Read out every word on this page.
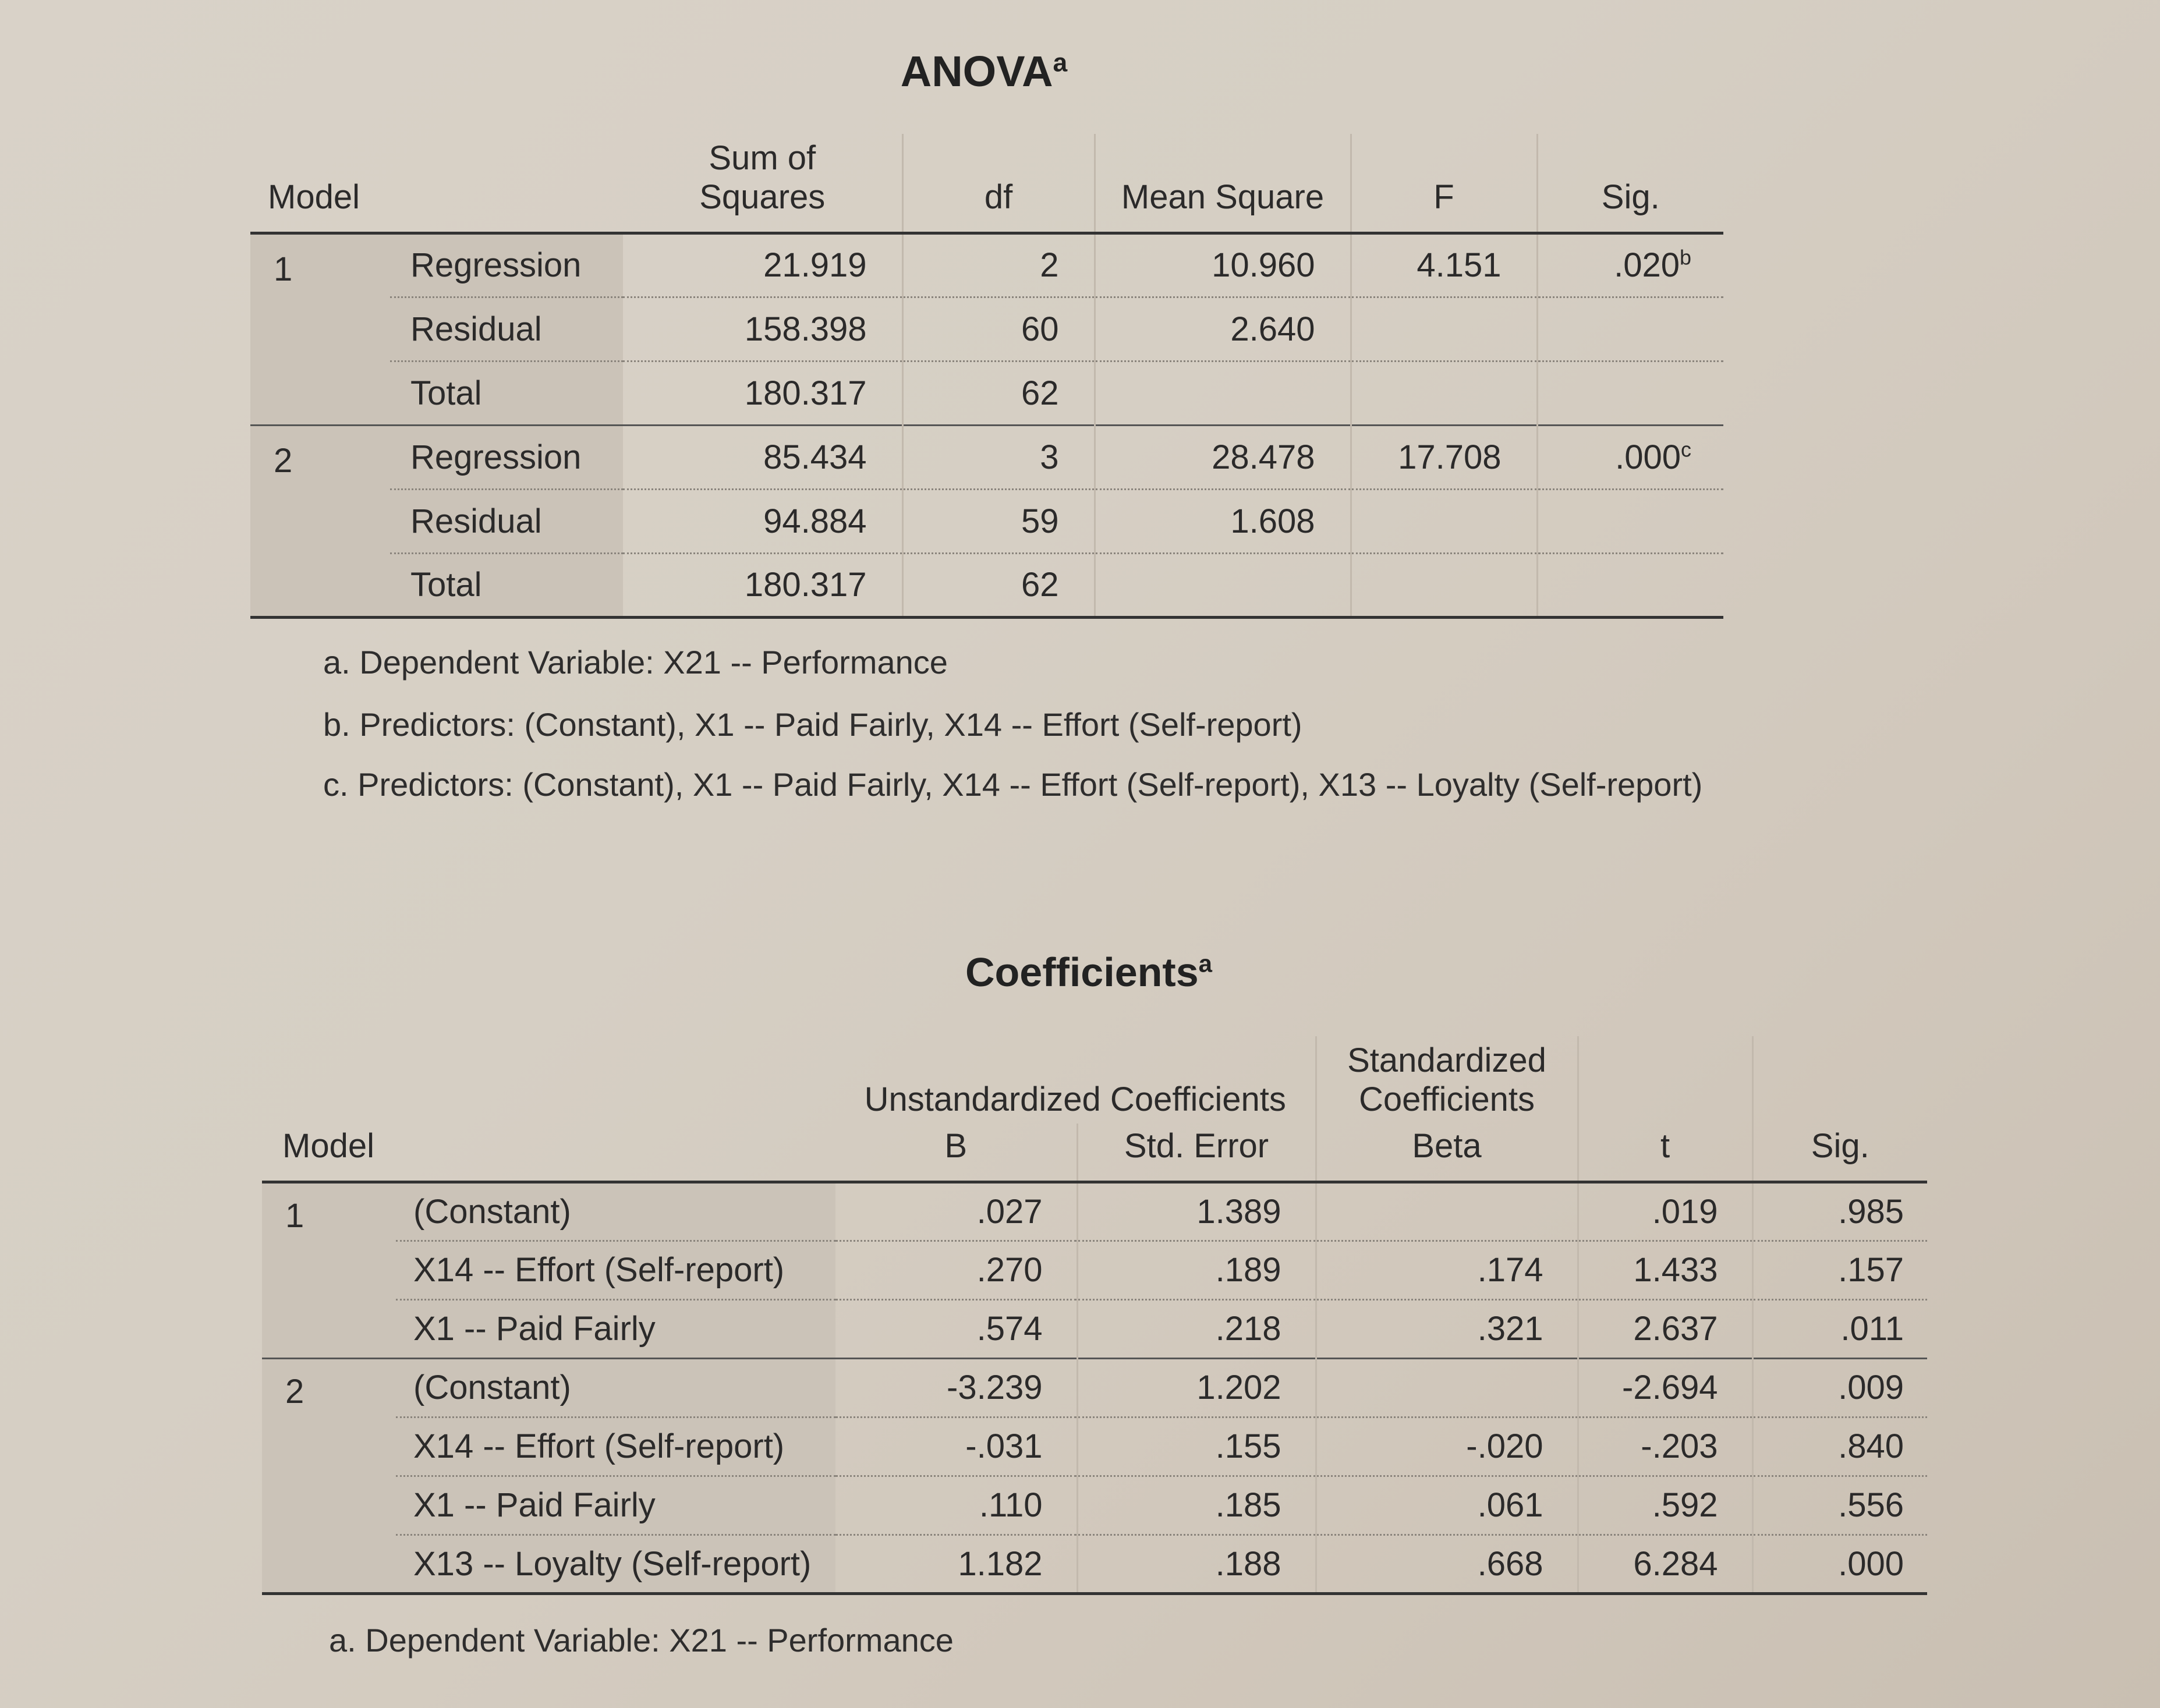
ANOVA$^a$
Model		Sum of
Squares	df	Mean Square	F	Sig.
1	Regression	21.919	2	10.960	4.151	.020$^b$
	Residual	158.398	60	2.640		
	Total	180.317	62			
2	Regression	85.434	3	28.478	17.708	.000$^c$
	Residual	94.884	59	1.608		
	Total	180.317	62			
a. Dependent Variable: X21 -- Performance
b. Predictors: (Constant), X1 -- Paid Fairly, X14 -- Effort (Self-report)
c. Predictors: (Constant), X1 -- Paid Fairly, X14 -- Effort (Self-report), X13 -- Loyalty (Self-report)
Coefficients$^a$
		Unstandardized Coefficients		Standardized
Coefficients		

Model		B	Std. Error	Beta	t	Sig.
1	(Constant)	.027	1.389		.019	.985
	X14 -- Effort (Self-report)	.270	.189	.174	1.433	.157
	X1 -- Paid Fairly	.574	.218	.321	2.637	.011
2	(Constant)	-3.239	1.202		-2.694	.009
	X14 -- Effort (Self-report)	-.031	.155	-.020	-.203	.840
	X1 -- Paid Fairly	.110	.185	.061	.592	.556
	X13 -- Loyalty (Self-report)	1.182	.188	.668	6.284	.000
a. Dependent Variable: X21 -- Performance
